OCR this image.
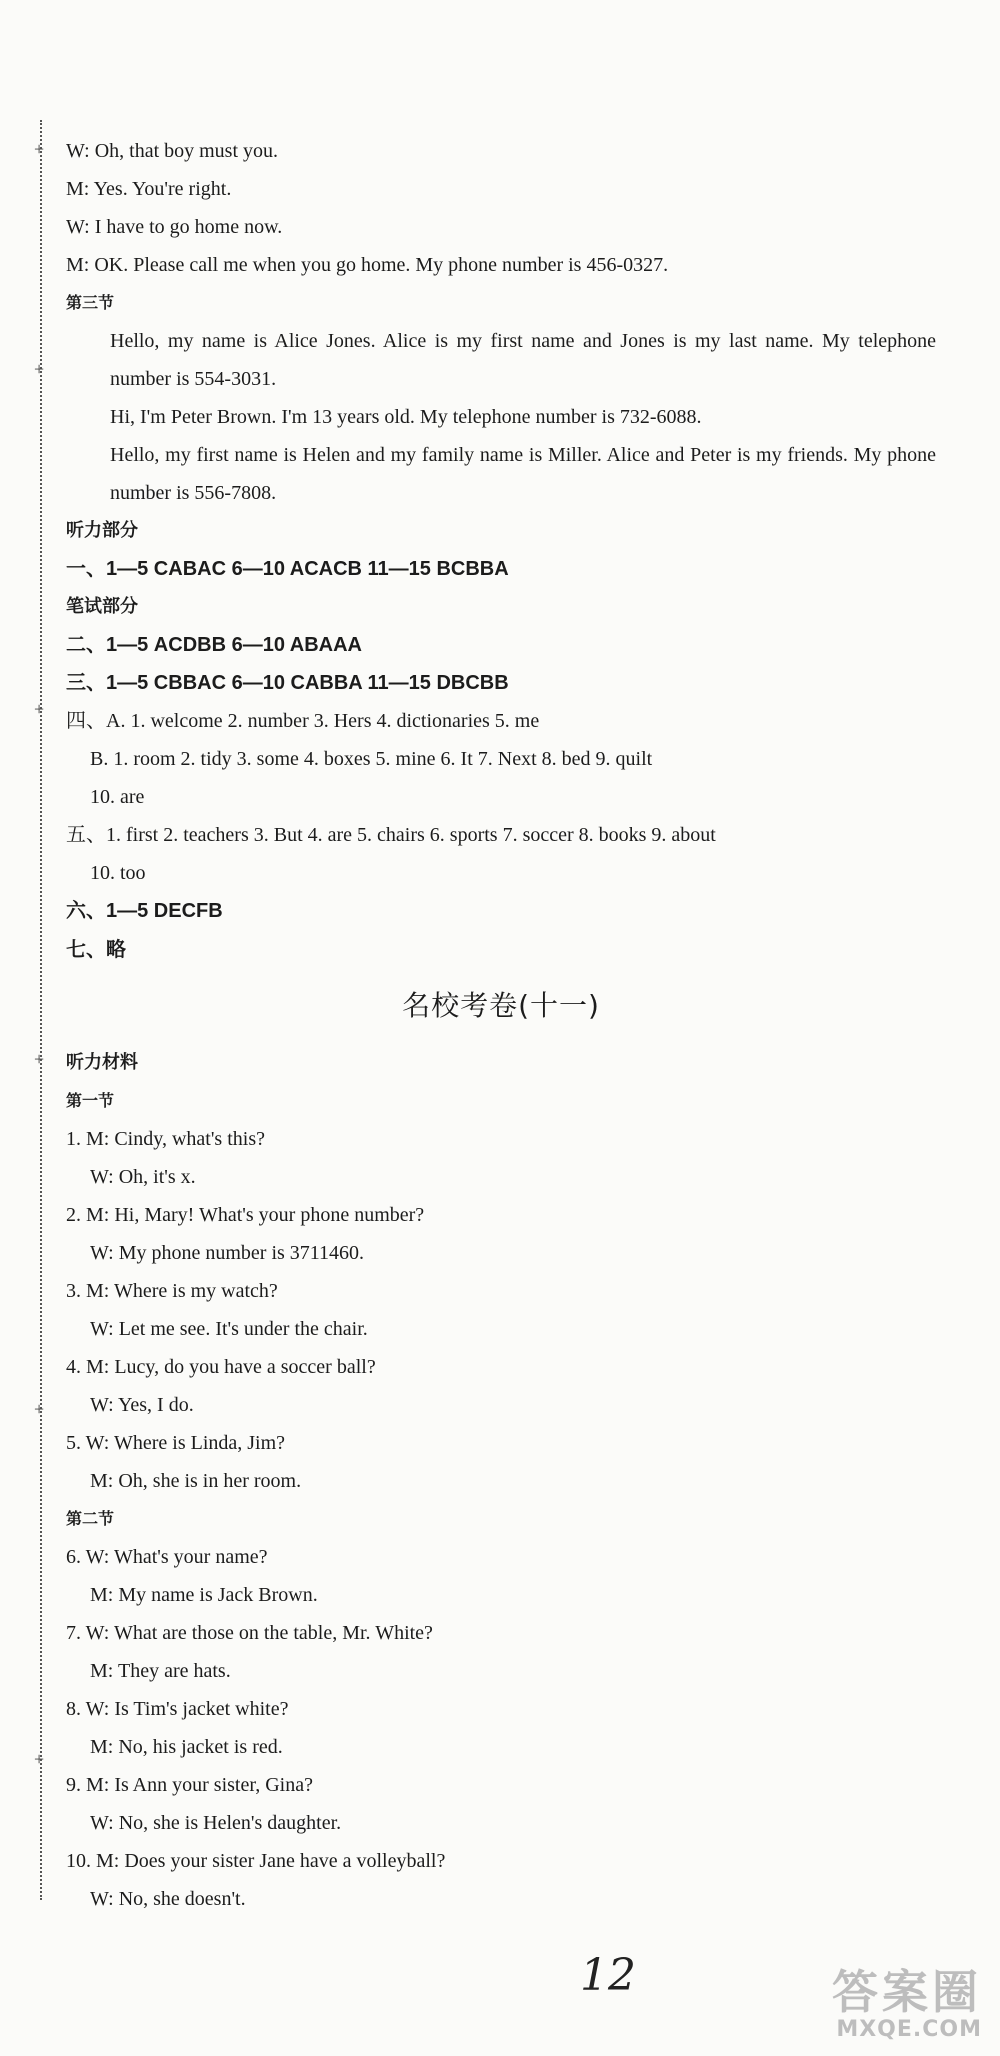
+
+
+
+
+
+
W: Oh, that boy must you.
M: Yes. You're right.
W: I have to go home now.
M: OK. Please call me when you go home. My phone number is 456-0327.
第三节
Hello, my name is Alice Jones. Alice is my first name and Jones is my last name. My telephone number is 554-3031.
Hi, I'm Peter Brown. I'm 13 years old. My telephone number is 732-6088.
Hello, my first name is Helen and my family name is Miller. Alice and Peter is my friends. My phone number is 556-7808.
听力部分
一、1—5 CABAC 6—10 ACACB 11—15 BCBBA
笔试部分
二、1—5 ACDBB 6—10 ABAAA
三、1—5 CBBAC 6—10 CABBA 11—15 DBCBB
四、A. 1. welcome 2. number 3. Hers 4. dictionaries 5. me
B. 1. room 2. tidy 3. some 4. boxes 5. mine 6. It 7. Next 8. bed 9. quilt
10. are
五、1. first 2. teachers 3. But 4. are 5. chairs 6. sports 7. soccer 8. books 9. about
10. too
六、1—5 DECFB
七、略
名校考卷(十一)
听力材料
第一节
1. M: Cindy, what's this?
W: Oh, it's x.
2. M: Hi, Mary! What's your phone number?
W: My phone number is 3711460.
3. M: Where is my watch?
W: Let me see. It's under the chair.
4. M: Lucy, do you have a soccer ball?
W: Yes, I do.
5. W: Where is Linda, Jim?
M: Oh, she is in her room.
第二节
6. W: What's your name?
M: My name is Jack Brown.
7. W: What are those on the table, Mr. White?
M: They are hats.
8. W: Is Tim's jacket white?
M: No, his jacket is red.
9. M: Is Ann your sister, Gina?
W: No, she is Helen's daughter.
10. M: Does your sister Jane have a volleyball?
W: No, she doesn't.
12	答案圈
MXQE.COM
